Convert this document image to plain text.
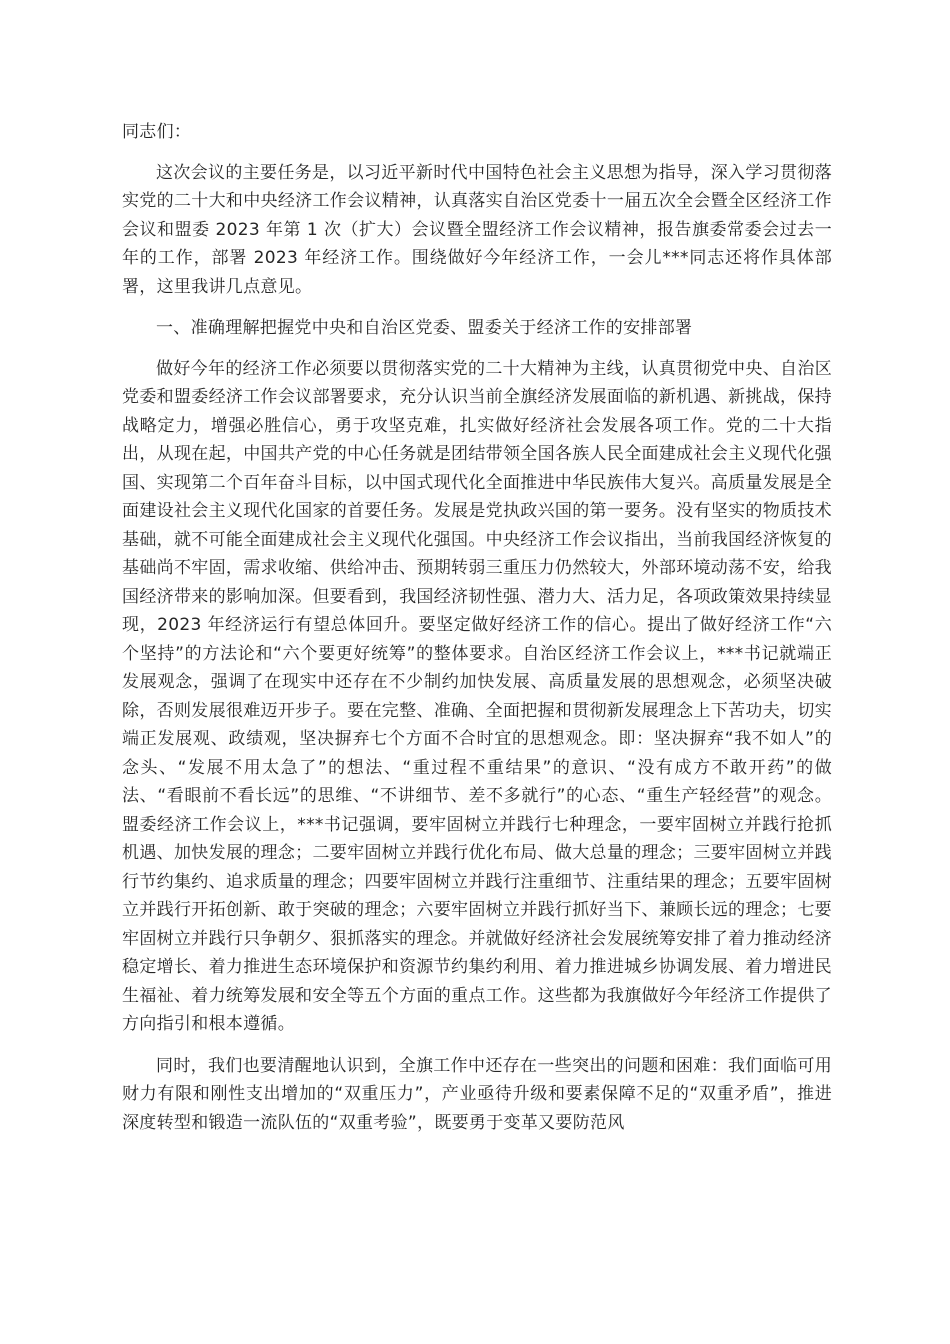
同志们：

这次会议的主要任务是，以习近平新时代中国特色社会主义思想为指导，深入学习贯彻落实党的二十大和中央经济工作会议精神，认真落实自治区党委十一届五次全会暨全区经济工作会议和盟委 2023 年第 1 次（扩大）会议暨全盟经济工作会议精神，报告旗委常委会过去一年的工作，部署 2023 年经济工作。围绕做好今年经济工作，一会儿***同志还将作具体部署，这里我讲几点意见。

一、准确理解把握党中央和自治区党委、盟委关于经济工作的安排部署

做好今年的经济工作必须要以贯彻落实党的二十大精神为主线，认真贯彻党中央、自治区党委和盟委经济工作会议部署要求，充分认识当前全旗经济发展面临的新机遇、新挑战，保持战略定力，增强必胜信心，勇于攻坚克难，扎实做好经济社会发展各项工作。党的二十大指出，从现在起，中国共产党的中心任务就是团结带领全国各族人民全面建成社会主义现代化强国、实现第二个百年奋斗目标，以中国式现代化全面推进中华民族伟大复兴。高质量发展是全面建设社会主义现代化国家的首要任务。发展是党执政兴国的第一要务。没有坚实的物质技术基础，就不可能全面建成社会主义现代化强国。中央经济工作会议指出，当前我国经济恢复的基础尚不牢固，需求收缩、供给冲击、预期转弱三重压力仍然较大，外部环境动荡不安，给我国经济带来的影响加深。但要看到，我国经济韧性强、潜力大、活力足，各项政策效果持续显现，2023 年经济运行有望总体回升。要坚定做好经济工作的信心。提出了做好经济工作“六个坚持”的方法论和“六个要更好统筹”的整体要求。自治区经济工作会议上，***书记就端正发展观念，强调了在现实中还存在不少制约加快发展、高质量发展的思想观念，必须坚决破除，否则发展很难迈开步子。要在完整、准确、全面把握和贯彻新发展理念上下苦功夫，切实端正发展观、政绩观，坚决摒弃七个方面不合时宜的思想观念。即：坚决摒弃“我不如人”的念头、“发展不用太急了”的想法、“重过程不重结果”的意识、“没有成方不敢开药”的做法、“看眼前不看长远”的思维、“不讲细节、差不多就行”的心态、“重生产轻经营”的观念。盟委经济工作会议上，***书记强调，要牢固树立并践行七种理念，一要牢固树立并践行抢抓机遇、加快发展的理念；二要牢固树立并践行优化布局、做大总量的理念；三要牢固树立并践行节约集约、追求质量的理念；四要牢固树立并践行注重细节、注重结果的理念；五要牢固树立并践行开拓创新、敢于突破的理念；六要牢固树立并践行抓好当下、兼顾长远的理念；七要牢固树立并践行只争朝夕、狠抓落实的理念。并就做好经济社会发展统筹安排了着力推动经济稳定增长、着力推进生态环境保护和资源节约集约利用、着力推进城乡协调发展、着力增进民生福祉、着力统筹发展和安全等五个方面的重点工作。这些都为我旗做好今年经济工作提供了方向指引和根本遵循。

同时，我们也要清醒地认识到，全旗工作中还存在一些突出的问题和困难：我们面临可用财力有限和刚性支出增加的“双重压力”，产业亟待升级和要素保障不足的“双重矛盾”，推进深度转型和锻造一流队伍的“双重考验”，既要勇于变革又要防范风
